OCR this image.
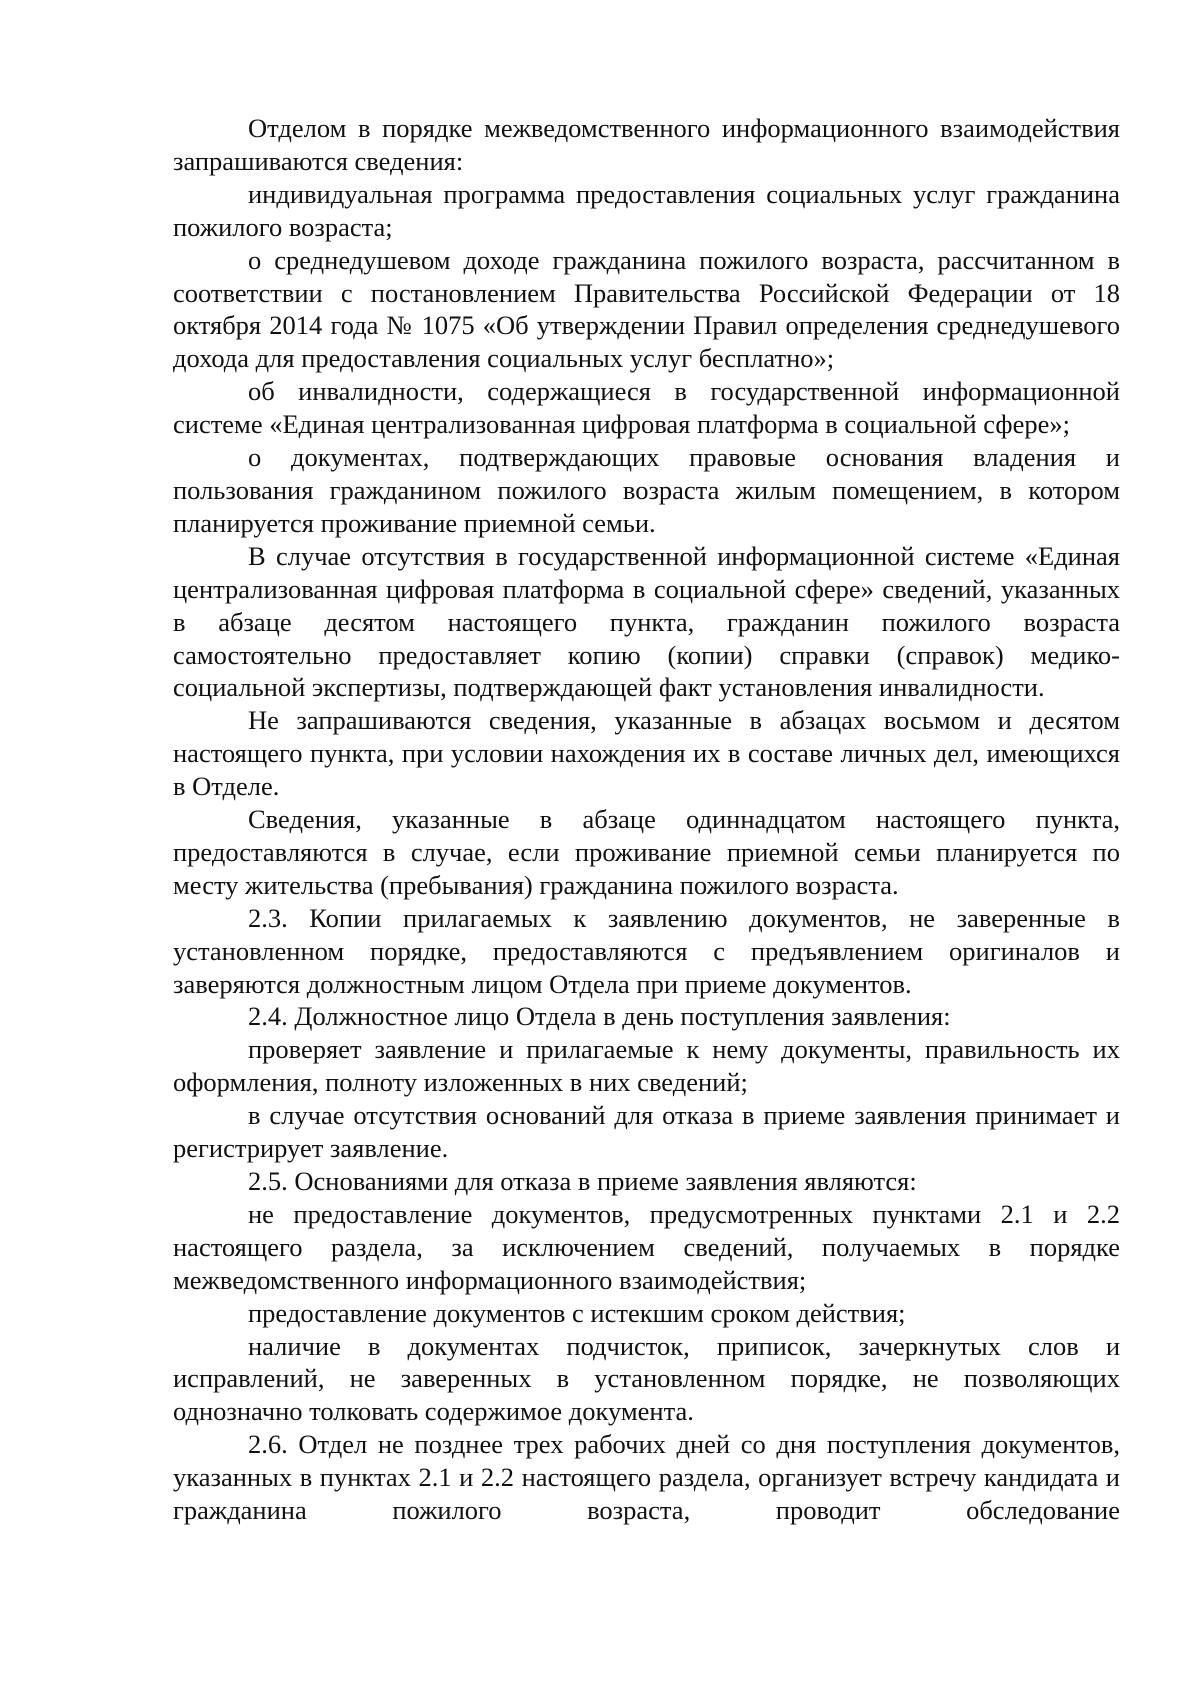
Отделом в порядке межведомственного информационного взаимодействия запрашиваются сведения:

индивидуальная программа предоставления социальных услуг гражданина пожилого возраста;

о среднедушевом доходе гражданина пожилого возраста, рассчитанном в соответствии с постановлением Правительства Российской Федерации от 18 октября 2014 года № 1075 «Об утверждении Правил определения среднедушевого дохода для предоставления социальных услуг бесплатно»;

об инвалидности, содержащиеся в государственной информационной системе «Единая централизованная цифровая платформа в социальной сфере»;

о документах, подтверждающих правовые основания владения и пользования гражданином пожилого возраста жилым помещением, в котором планируется проживание приемной семьи.

В случае отсутствия в государственной информационной системе «Единая централизованная цифровая платформа в социальной сфере» сведений, указанных в абзаце десятом настоящего пункта, гражданин пожилого возраста самостоятельно предоставляет копию (копии) справки (справок) медико-социальной экспертизы, подтверждающей факт установления инвалидности.

Не запрашиваются сведения, указанные в абзацах восьмом и десятом настоящего пункта, при условии нахождения их в составе личных дел, имеющихся в Отделе.

Сведения, указанные в абзаце одиннадцатом настоящего пункта, предоставляются в случае, если проживание приемной семьи планируется по месту жительства (пребывания) гражданина пожилого возраста.

2.3. Копии прилагаемых к заявлению документов, не заверенные в установленном порядке, предоставляются с предъявлением оригиналов и заверяются должностным лицом Отдела при приеме документов.

2.4. Должностное лицо Отдела в день поступления заявления:

проверяет заявление и прилагаемые к нему документы, правильность их оформления, полноту изложенных в них сведений;

в случае отсутствия оснований для отказа в приеме заявления принимает и регистрирует заявление.

2.5. Основаниями для отказа в приеме заявления являются:

не предоставление документов, предусмотренных пунктами 2.1 и 2.2 настоящего раздела, за исключением сведений, получаемых в порядке межведомственного информационного взаимодействия;

предоставление документов с истекшим сроком действия;

наличие в документах подчисток, приписок, зачеркнутых слов и исправлений, не заверенных в установленном порядке, не позволяющих однозначно толковать содержимое документа.

2.6. Отдел не позднее трех рабочих дней со дня поступления документов, указанных в пунктах 2.1 и 2.2 настоящего раздела, организует встречу кандидата и гражданина пожилого возраста, проводит обследование
